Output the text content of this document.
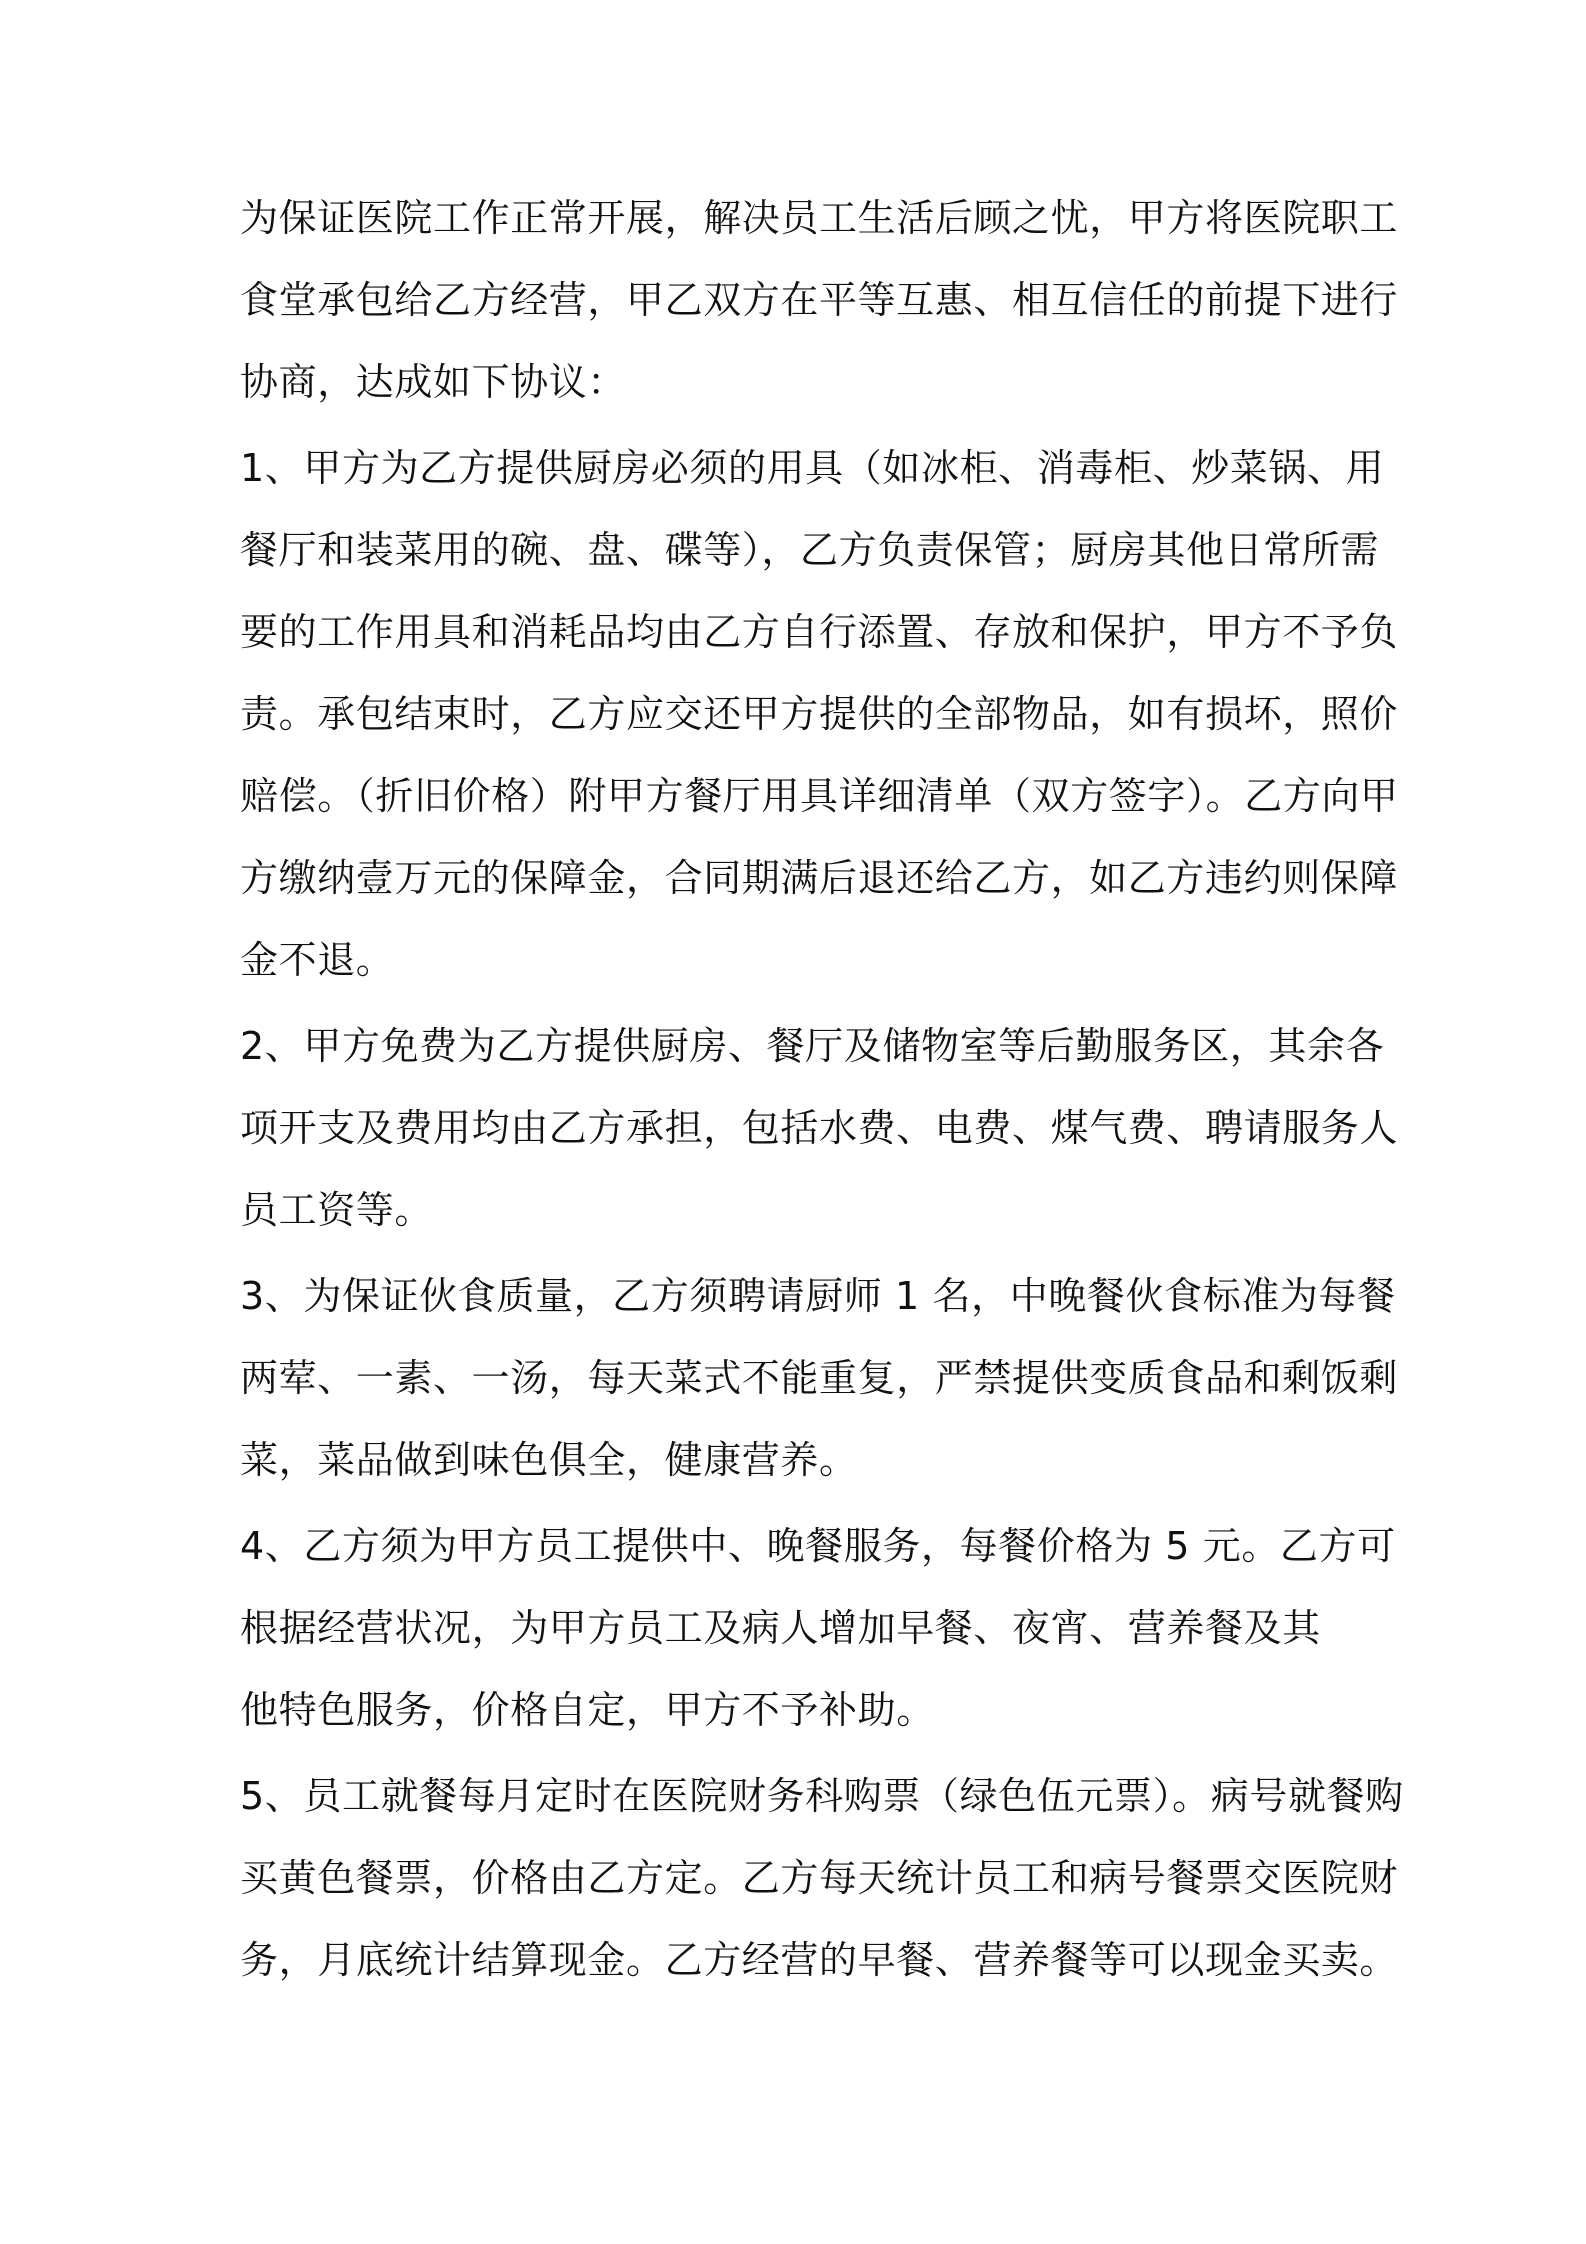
为保证医院工作正常开展，解决员工生活后顾之忧，甲方将医院职工
食堂承包给乙方经营，甲乙双方在平等互惠、相互信任的前提下进行
协商，达成如下协议：
1、甲方为乙方提供厨房必须的用具（如冰柜、消毒柜、炒菜锅、用
餐厅和装菜用的碗、盘、碟等），乙方负责保管；厨房其他日常所需
要的工作用具和消耗品均由乙方自行添置、存放和保护，甲方不予负
责。承包结束时，乙方应交还甲方提供的全部物品，如有损坏，照价
赔偿。（折旧价格）附甲方餐厅用具详细清单（双方签字）。乙方向甲
方缴纳壹万元的保障金，合同期满后退还给乙方，如乙方违约则保障
金不退。
2、甲方免费为乙方提供厨房、餐厅及储物室等后勤服务区，其余各
项开支及费用均由乙方承担，包括水费、电费、煤气费、聘请服务人
员工资等。
3、为保证伙食质量，乙方须聘请厨师 1 名，中晚餐伙食标准为每餐
两荤、一素、一汤，每天菜式不能重复，严禁提供变质食品和剩饭剩
菜，菜品做到味色俱全，健康营养。
4、乙方须为甲方员工提供中、晚餐服务，每餐价格为 5 元。乙方可
根据经营状况，为甲方员工及病人增加早餐、夜宵、营养餐及其
他特色服务，价格自定，甲方不予补助。
5、员工就餐每月定时在医院财务科购票（绿色伍元票）。病号就餐购
买黄色餐票，价格由乙方定。乙方每天统计员工和病号餐票交医院财
务，月底统计结算现金。乙方经营的早餐、营养餐等可以现金买卖。
